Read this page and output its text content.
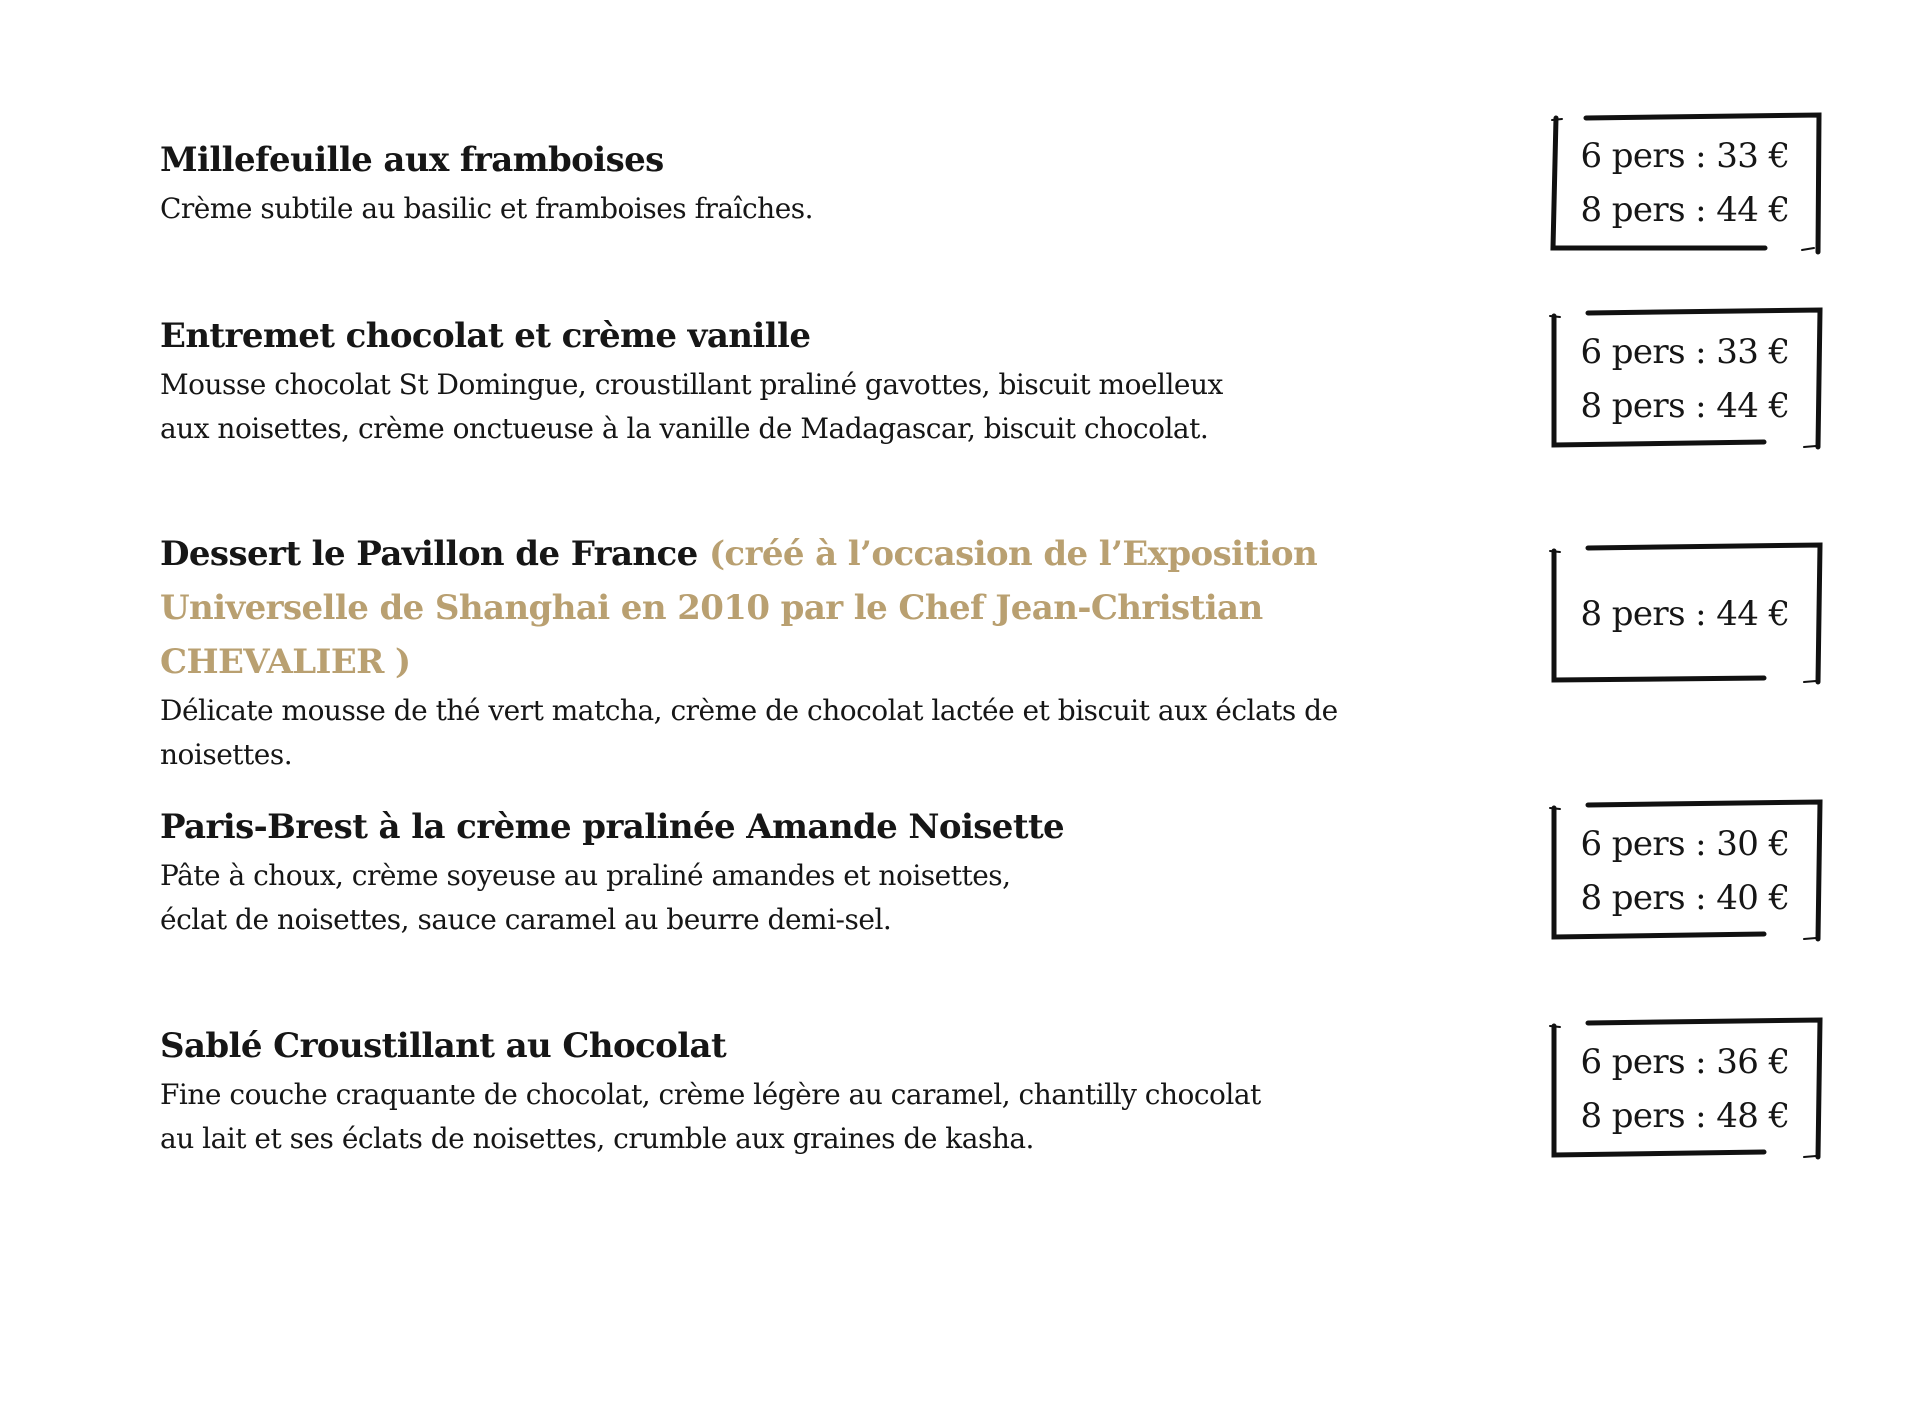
Millefeuille aux framboises

Crème subtile au basilic et framboises fraîches.

6 pers : 33 €
8 pers : 44 €

Entremet chocolat et crème vanille

Mousse chocolat St Domingue, croustillant praliné gavottes, biscuit moelleux

aux noisettes, crème onctueuse à la vanille de Madagascar, biscuit chocolat.

6 pers : 33 €
8 pers : 44 €

Dessert le Pavillon de France (créé à l’occasion de l’Exposition

Universelle de Shanghai en 2010 par le Chef Jean-Christian CHEVALIER )

Délicate mousse de thé vert matcha, crème de chocolat lactée et biscuit aux éclats de

noisettes.

8 pers : 44 €

Paris-Brest à la crème pralinée Amande Noisette

Pâte à choux, crème soyeuse au praliné amandes et noisettes,

éclat de noisettes, sauce caramel au beurre demi-sel.

6 pers : 30 €
8 pers : 40 €

Sablé Croustillant au Chocolat

Fine couche craquante de chocolat, crème légère au caramel, chantilly chocolat

au lait et ses éclats de noisettes, crumble aux graines de kasha.

6 pers : 36 €
8 pers : 48 €
